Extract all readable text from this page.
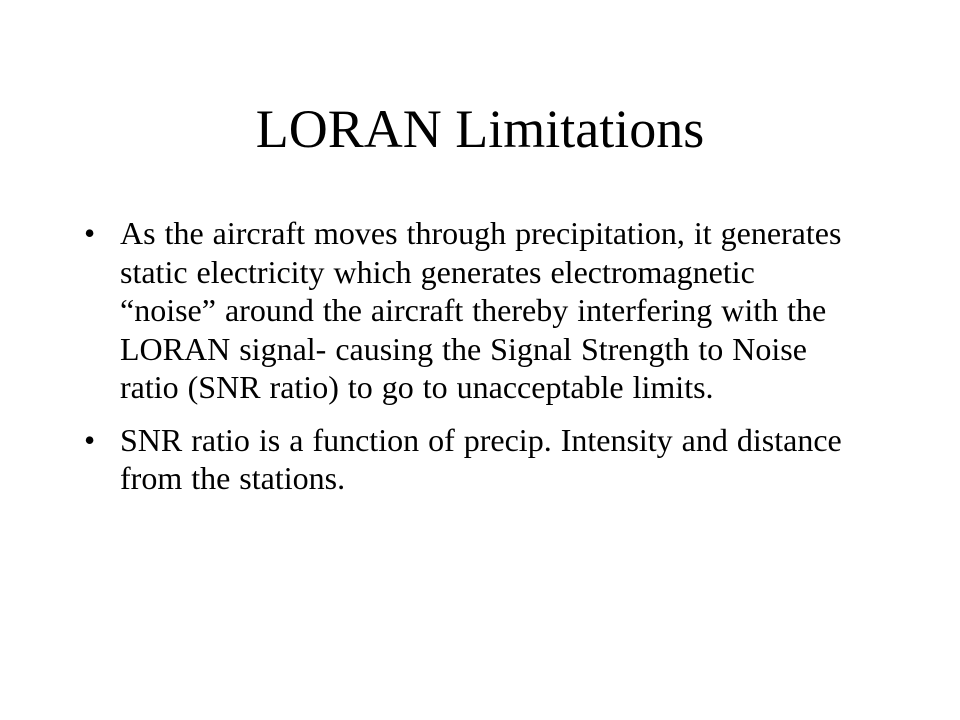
LORAN Limitations
• As the aircraft moves through precipitation, it generates static electricity which generates electromagnetic “noise” around the aircraft thereby interfering with the LORAN signal- causing the Signal Strength to Noise ratio (SNR ratio) to go to unacceptable limits.
• SNR ratio is a function of precip. Intensity and distance from the stations.
